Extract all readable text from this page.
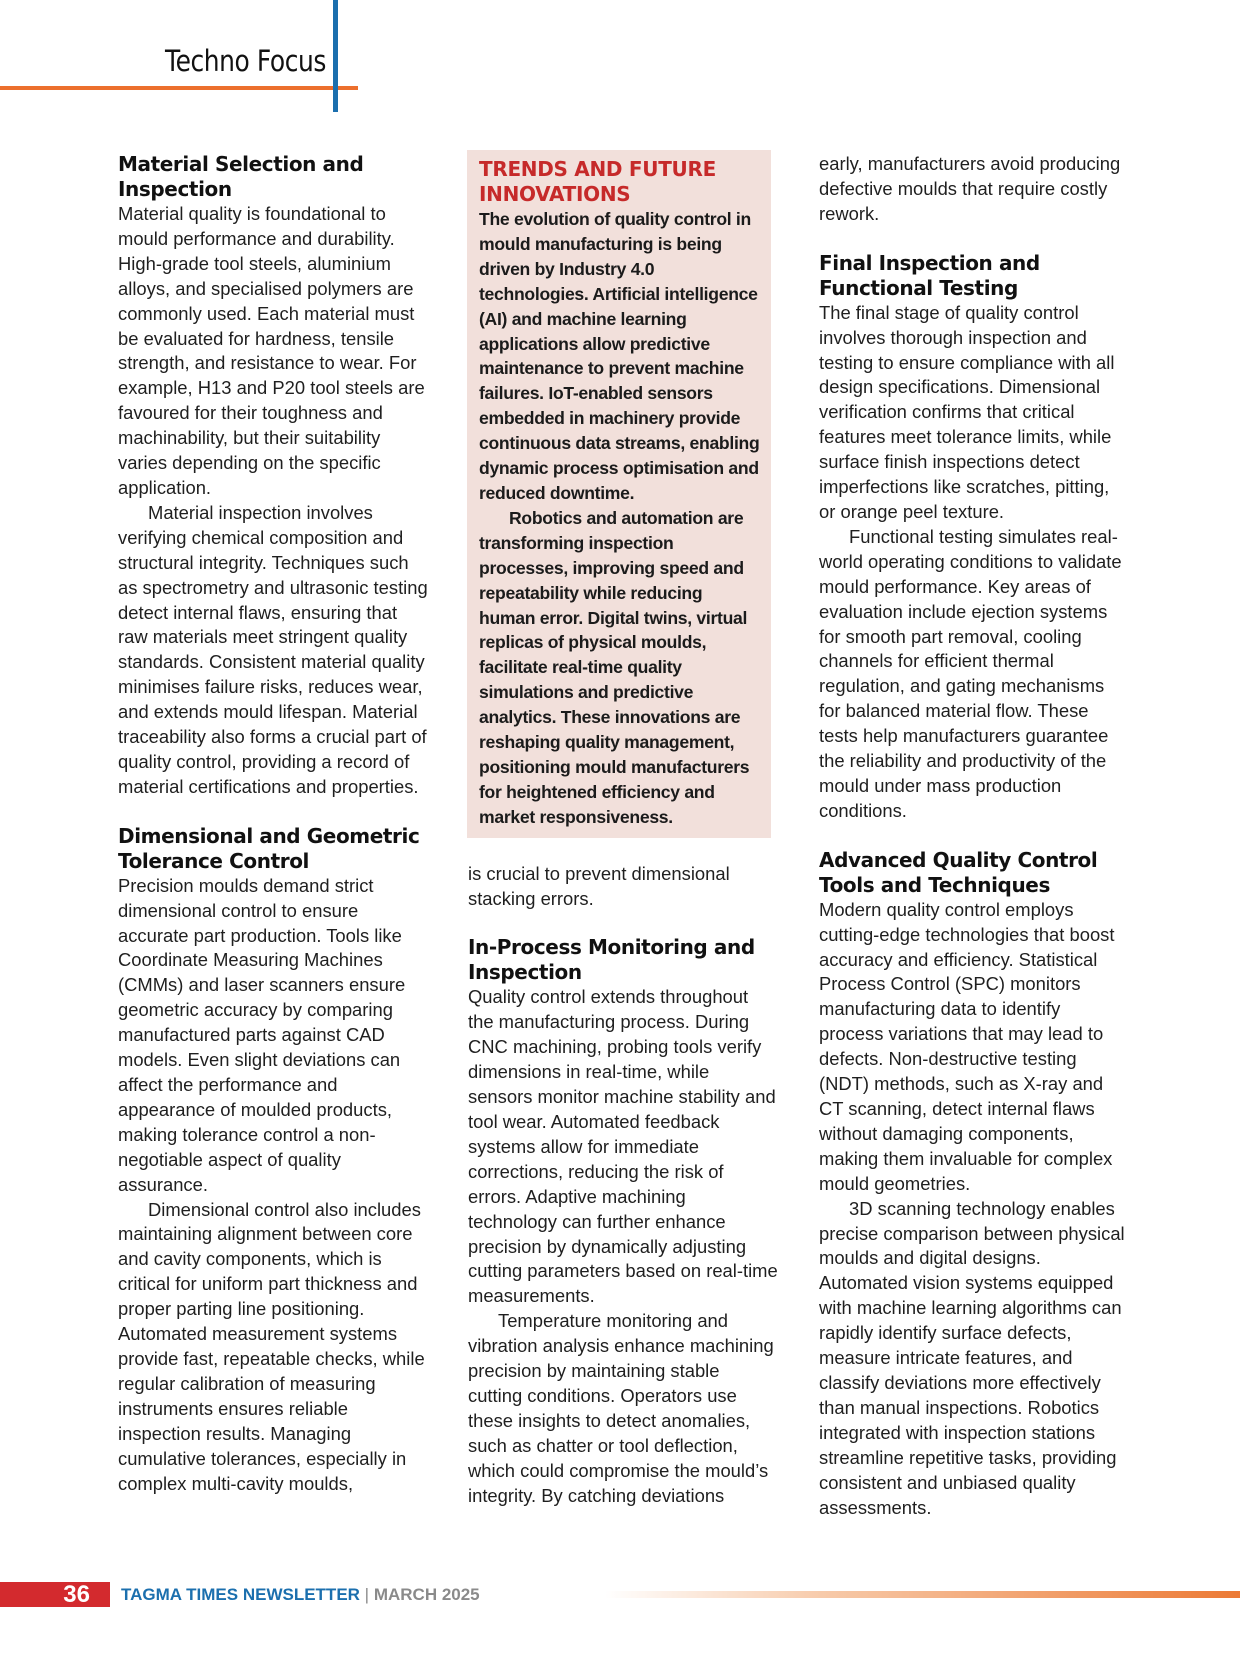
Techno Focus
Material Selection and Inspection

Material quality is foundational to mould performance and durability. High-grade tool steels, aluminium alloys, and specialised polymers are commonly used. Each material must be evaluated for hardness, tensile strength, and resistance to wear. For example, H13 and P20 tool steels are favoured for their toughness and machinability, but their suitability varies depending on the specific application.

Material inspection involves verifying chemical composition and structural integrity. Techniques such as spectrometry and ultrasonic testing detect internal flaws, ensuring that raw materials meet stringent quality standards. Consistent material quality minimises failure risks, reduces wear, and extends mould lifespan. Material traceability also forms a crucial part of quality control, providing a record of material certifications and properties.

Dimensional and Geometric Tolerance Control

Precision moulds demand strict dimensional control to ensure accurate part production. Tools like Coordinate Measuring Machines (CMMs) and laser scanners ensure geometric accuracy by comparing manufactured parts against CAD models. Even slight deviations can affect the performance and appearance of moulded products, making tolerance control a non-negotiable aspect of quality assurance.

Dimensional control also includes maintaining alignment between core and cavity components, which is critical for uniform part thickness and proper parting line positioning. Automated measurement systems provide fast, repeatable checks, while regular calibration of measuring instruments ensures reliable inspection results. Managing cumulative tolerances, especially in complex multi-cavity moulds,

TRENDS AND FUTURE INNOVATIONS

The evolution of quality control in mould manufacturing is being driven by Industry 4.0 technologies. Artificial intelligence (AI) and machine learning applications allow predictive maintenance to prevent machine failures. IoT-enabled sensors embedded in machinery provide continuous data streams, enabling dynamic process optimisation and reduced downtime.

Robotics and automation are transforming inspection processes, improving speed and repeatability while reducing human error. Digital twins, virtual replicas of physical moulds, facilitate real-time quality simulations and predictive analytics. These innovations are reshaping quality management, positioning mould manufacturers for heightened efficiency and market responsiveness.

is crucial to prevent dimensional stacking errors.

In-Process Monitoring and Inspection

Quality control extends throughout the manufacturing process. During CNC machining, probing tools verify dimensions in real-time, while sensors monitor machine stability and tool wear. Automated feedback systems allow for immediate corrections, reducing the risk of errors. Adaptive machining technology can further enhance precision by dynamically adjusting cutting parameters based on real-time measurements.

Temperature monitoring and vibration analysis enhance machining precision by maintaining stable cutting conditions. Operators use these insights to detect anomalies, such as chatter or tool deflection, which could compromise the mould’s integrity. By catching deviations

early, manufacturers avoid producing defective moulds that require costly rework.

Final Inspection and Functional Testing

The final stage of quality control involves thorough inspection and testing to ensure compliance with all design specifications. Dimensional verification confirms that critical features meet tolerance limits, while surface finish inspections detect imperfections like scratches, pitting, or orange peel texture.

Functional testing simulates real-world operating conditions to validate mould performance. Key areas of evaluation include ejection systems for smooth part removal, cooling channels for efficient thermal regulation, and gating mechanisms for balanced material flow. These tests help manufacturers guarantee the reliability and productivity of the mould under mass production conditions.

Advanced Quality Control Tools and Techniques

Modern quality control employs cutting-edge technologies that boost accuracy and efficiency. Statistical Process Control (SPC) monitors manufacturing data to identify process variations that may lead to defects. Non-destructive testing (NDT) methods, such as X-ray and CT scanning, detect internal flaws without damaging components, making them invaluable for complex mould geometries.

3D scanning technology enables precise comparison between physical moulds and digital designs. Automated vision systems equipped with machine learning algorithms can rapidly identify surface defects, measure intricate features, and classify deviations more effectively than manual inspections. Robotics integrated with inspection stations streamline repetitive tasks, providing consistent and unbiased quality assessments.

36	TAGMA TIMES NEWSLETTER | MARCH 2025
